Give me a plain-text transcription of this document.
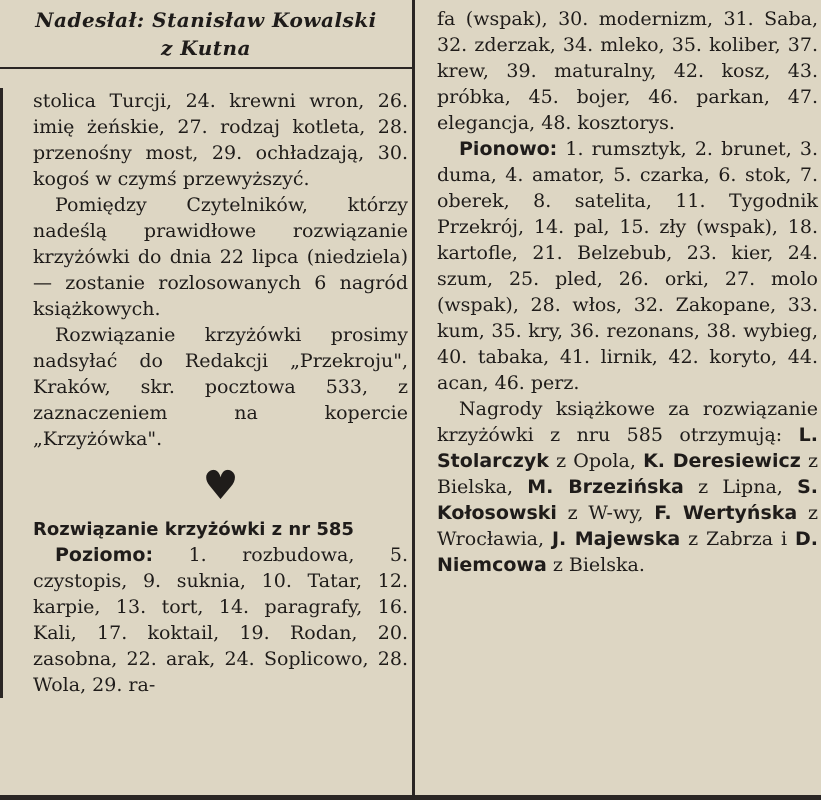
Nadesłał: Stanisław Kowalski
z Kutna

stolica Turcji, 24. krewni wron, 26. imię żeńskie, 27. rodzaj kotleta, 28. przenośny most, 29. ochładzają, 30. kogoś w czymś przewyższyć.

Pomiędzy Czytelników, którzy nadeślą prawidłowe rozwiązanie krzyżówki do dnia 22 lipca (niedziela) — zostanie rozlosowanych 6 nagród książkowych.

Rozwiązanie krzyżówki prosimy nadsyłać do Redakcji „Przekroju", Kraków, skr. pocztowa 533, z zaznaczeniem na kopercie „Krzyżówka".

♥

Rozwiązanie krzyżówki z nr 585

Poziomo: 1. rozbudowa, 5. czystopis, 9. suknia, 10. Tatar, 12. karpie, 13. tort, 14. paragrafy, 16. Kali, 17. koktail, 19. Rodan, 20. zasobna, 22. arak, 24. Soplicowo, 28. Wola, 29. ra-

fa (wspak), 30. modernizm, 31. Saba, 32. zderzak, 34. mleko, 35. koliber, 37. krew, 39. maturalny, 42. kosz, 43. próbka, 45. bojer, 46. parkan, 47. elegancja, 48. kosztorys.

Pionowo: 1. rumsztyk, 2. brunet, 3. duma, 4. amator, 5. czarka, 6. stok, 7. oberek, 8. satelita, 11. Tygodnik Przekrój, 14. pal, 15. zły (wspak), 18. kartofle, 21. Belzebub, 23. kier, 24. szum, 25. pled, 26. orki, 27. molo (wspak), 28. włos, 32. Zakopane, 33. kum, 35. kry, 36. rezonans, 38. wybieg, 40. tabaka, 41. lirnik, 42. koryto, 44. acan, 46. perz.

Nagrody książkowe za rozwiązanie krzyżówki z nru 585 otrzymują: L. Stolarczyk z Opola, K. Deresiewicz z Bielska, M. Brzezińska z Lipna, S. Kołosowski z W-wy, F. Wertyńska z Wrocławia, J. Majewska z Zabrza i D. Niemcowa z Bielska.
